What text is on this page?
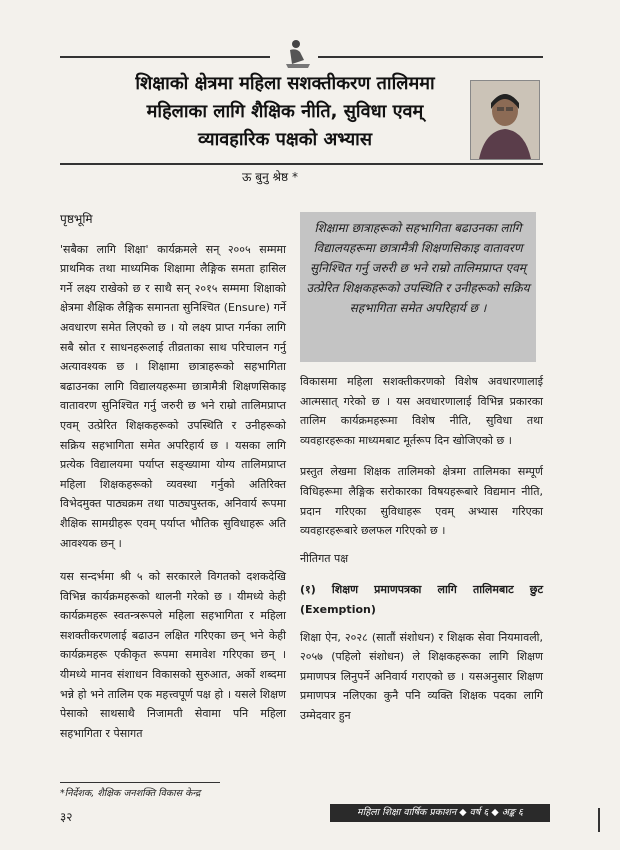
शिक्षाको क्षेत्रमा महिला सशक्तीकरण तालिममा
महिलाका लागि शैक्षिक नीति, सुविधा एवम्
व्यावहारिक पक्षको अभ्यास
ऊ बुनु श्रेष्ठ *
पृष्ठभूमि

'सबैका लागि शिक्षा' कार्यक्रमले सन् २००५ सम्ममा प्राथमिक तथा माध्यमिक शिक्षामा लैङ्गिक समता हासिल गर्ने लक्ष्य राखेको छ र साथै सन् २०१५ सम्ममा शिक्षाको क्षेत्रमा शैक्षिक लैङ्गिक समानता सुनिश्चित (Ensure) गर्ने अवधारण समेत लिएको छ । यो लक्ष्य प्राप्त गर्नका लागि सबै स्रोत र साधनहरूलाई तीव्रताका साथ परिचालन गर्नु अत्यावश्यक छ । शिक्षामा छात्राहरूको सहभागिता बढाउनका लागि विद्यालयहरूमा छात्रामैत्री शिक्षणसिकाइ वातावरण सुनिश्चित गर्नु जरुरी छ भने राम्रो तालिमप्राप्त एवम् उत्प्रेरित शिक्षकहरूको उपस्थिति र उनीहरूको सक्रिय सहभागिता समेत अपरिहार्य छ । यसका लागि प्रत्येक विद्यालयमा पर्याप्त सङ्ख्यामा योग्य तालिमप्राप्त महिला शिक्षकहरूको व्यवस्था गर्नुको अतिरिक्त विभेदमुक्त पाठ्यक्रम तथा पाठ्यपुस्तक, अनिवार्य रूपमा शैक्षिक सामग्रीहरू एवम् पर्याप्त भौतिक सुविधाहरू अति आवश्यक छन् ।

यस सन्दर्भमा श्री ५ को सरकारले विगतको दशकदेखि विभिन्न कार्यक्रमहरूको थालनी गरेको छ । यीमध्ये केही कार्यक्रमहरू स्वतन्त्ररूपले महिला सहभागिता र महिला सशक्तीकरणलाई बढाउन लक्षित गरिएका छन् भने केही कार्यक्रमहरू एकीकृत रूपमा समावेश गरिएका छन् । यीमध्ये मानव संशाधन विकासको सुरुआत, अर्को शब्दमा भन्ने हो भने तालिम एक महत्त्वपूर्ण पक्ष हो । यसले शिक्षण पेसाको साथसाथै निजामती सेवामा पनि महिला सहभागिता र पेसागत

शिक्षामा छात्राहरूको सहभागिता बढाउनका लागि विद्यालयहरूमा छात्रामैत्री शिक्षणसिकाइ वातावरण सुनिश्चित गर्नु जरुरी छ भने राम्रो तालिमप्राप्त एवम् उत्प्रेरित शिक्षकहरूको उपस्थिति र उनीहरूको सक्रिय सहभागिता समेत अपरिहार्य छ ।

विकासमा महिला सशक्तीकरणको विशेष अवधारणालाई आत्मसात् गरेको छ । यस अवधारणालाई विभिन्न प्रकारका तालिम कार्यक्रमहरूमा विशेष नीति, सुविधा तथा व्यवहारहरूका माध्यमबाट मूर्तरूप दिन खोजिएको छ ।

प्रस्तुत लेखमा शिक्षक तालिमको क्षेत्रमा तालिमका सम्पूर्ण विधिहरूमा लैङ्गिक सरोकारका विषयहरूबारे विद्यमान नीति, प्रदान गरिएका सुविधाहरू एवम् अभ्यास गरिएका व्यवहारहरूबारे छलफल गरिएको छ ।

नीतिगत पक्ष
(१) शिक्षण प्रमाणपत्रका लागि तालिमबाट छुट (Exemption)

शिक्षा ऐन, २०२८ (सातौं संशोधन) र शिक्षक सेवा नियमावली, २०५७ (पहिलो संशोधन) ले शिक्षकहरूका लागि शिक्षण प्रमाणपत्र लिनुपर्ने अनिवार्य गराएको छ । यसअनुसार शिक्षण प्रमाणपत्र नलिएका कुनै पनि व्यक्ति शिक्षक पदका लागि उम्मेदवार हुन

*निर्देशक, शैक्षिक जनशक्ति विकास केन्द्र
३२	महिला शिक्षा वार्षिक प्रकाशन ◆ वर्ष ६ ◆ अङ्क ६
